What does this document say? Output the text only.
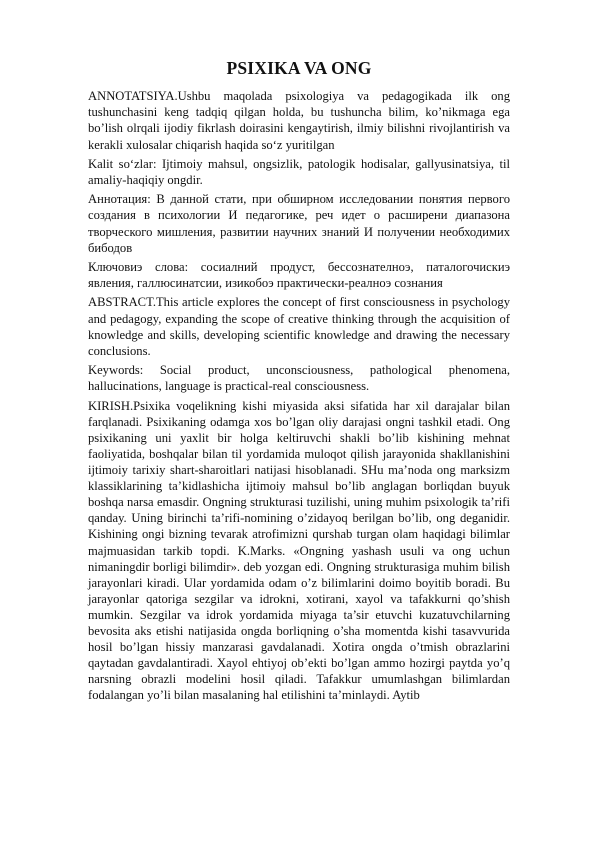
PSIXIKA VA ONG

ANNOTATSIYA.Ushbu maqolada psixologiya va pedagogikada ilk ong tushunchasini keng tadqiq qilgan holda, bu tushuncha bilim, ko’nikmaga ega bo’lish olrqali ijodiy fikrlash doirasini kengaytirish, ilmiy bilishni rivojlantirish va kerakli xulosalar chiqarish haqida so‘z yuritilgan

Kalit so‘zlar: Ijtimoiy mahsul, ongsizlik, patologik hodisalar, gallyusinatsiya, til amaliy-haqiqiy ongdir.

Аннотация: В данной стати, при обширном исследовании понятия первого создания в психологии И педагогике, реч идет о расширени диапазона творческого мишления, развитии научних знаний И получении необходимих бибодов

Ключовиэ слова: сосиалний продуст, бессознателноэ, паталогочискиэ явления, галлюсинатсии, изикобоэ практически-реалноэ сознания

ABSTRACT.This article explores the concept of first consciousness in psychology and pedagogy, expanding the scope of creative thinking through the acquisition of knowledge and skills, developing scientific knowledge and drawing the necessary conclusions.

Keywords: Social product, unconsciousness, pathological phenomena, hallucinations, language is practical-real consciousness.

KIRISH.Psixika voqelikning kishi miyasida aksi sifatida har xil darajalar bilan farqlanadi. Psixikaning odamga xos bo’lgan oliy darajasi ongni tashkil etadi. Ong psixikaning uni yaxlit bir holga keltiruvchi shakli bo’lib kishining mehnat faoliyatida, boshqalar bilan til yordamida muloqot qilish jarayonida shakllanishini ijtimoiy tarixiy shart-sharoitlari natijasi hisoblanadi. SHu ma’noda ong marksizm klassiklarining ta’kidlashicha ijtimoiy mahsul bo’lib anglagan borliqdan buyuk boshqa narsa emasdir. Ongning strukturasi tuzilishi, uning muhim psixologik ta’rifi qanday. Uning birinchi ta’rifi-nomining o’zidayoq berilgan bo’lib, ong deganidir. Kishining ongi bizning tevarak atrofimizni qurshab turgan olam haqidagi bilimlar majmuasidan tarkib topdi. K.Marks. «Ongning yashash usuli va ong uchun nimaningdir borligi bilimdir». deb yozgan edi. Ongning strukturasiga muhim bilish jarayonlari kiradi. Ular yordamida odam o’z bilimlarini doimo boyitib boradi. Bu jarayonlar qatoriga sezgilar va idrokni, xotirani, xayol va tafakkurni qo’shish mumkin. Sezgilar va idrok yordamida miyaga ta’sir etuvchi kuzatuvchilarning bevosita aks etishi natijasida ongda borliqning o’sha momentda kishi tasavvurida hosil bo’lgan hissiy manzarasi gavdalanadi. Xotira ongda o’tmish obrazlarini qaytadan gavdalantiradi. Xayol ehtiyoj ob’ekti bo’lgan ammo hozirgi paytda yo’q narsning obrazli modelini hosil qiladi. Tafakkur umumlashgan bilimlardan fodalangan yo’li bilan masalaning hal etilishini ta’minlaydi. Aytib
